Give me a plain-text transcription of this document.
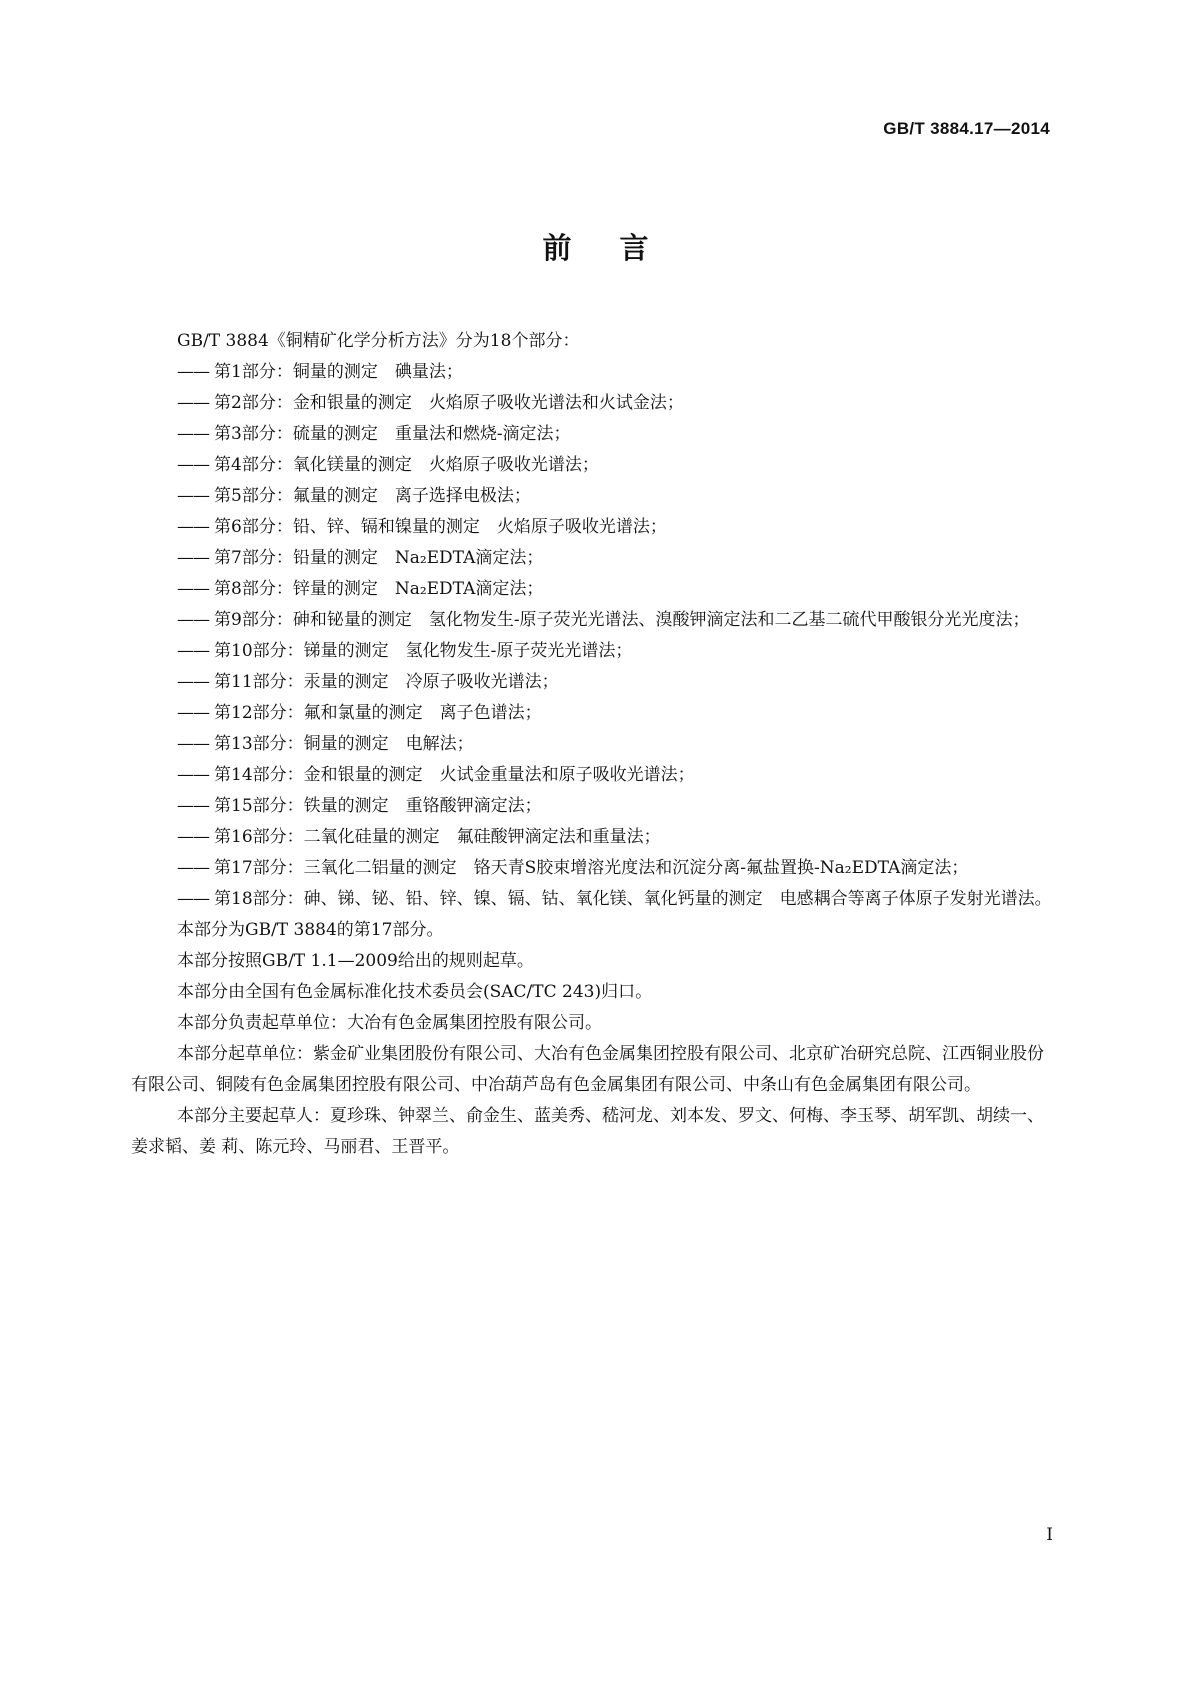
GB/T 3884.17—2014
前言

GB/T 3884《铜精矿化学分析方法》分为18个部分：

—— 第1部分：铜量的测定　碘量法；

—— 第2部分：金和银量的测定　火焰原子吸收光谱法和火试金法；

—— 第3部分：硫量的测定　重量法和燃烧-滴定法；

—— 第4部分：氧化镁量的测定　火焰原子吸收光谱法；

—— 第5部分：氟量的测定　离子选择电极法；

—— 第6部分：铅、锌、镉和镍量的测定　火焰原子吸收光谱法；

—— 第7部分：铅量的测定　Na₂EDTA滴定法；

—— 第8部分：锌量的测定　Na₂EDTA滴定法；

—— 第9部分：砷和铋量的测定　氢化物发生-原子荧光光谱法、溴酸钾滴定法和二乙基二硫代甲酸银分光光度法；

—— 第10部分：锑量的测定　氢化物发生-原子荧光光谱法；

—— 第11部分：汞量的测定　冷原子吸收光谱法；

—— 第12部分：氟和氯量的测定　离子色谱法；

—— 第13部分：铜量的测定　电解法；

—— 第14部分：金和银量的测定　火试金重量法和原子吸收光谱法；

—— 第15部分：铁量的测定　重铬酸钾滴定法；

—— 第16部分：二氧化硅量的测定　氟硅酸钾滴定法和重量法；

—— 第17部分：三氧化二铝量的测定　铬天青S胶束增溶光度法和沉淀分离-氟盐置换-Na₂EDTA滴定法；

—— 第18部分：砷、锑、铋、铅、锌、镍、镉、钴、氧化镁、氧化钙量的测定　电感耦合等离子体原子发射光谱法。

本部分为GB/T 3884的第17部分。

本部分按照GB/T 1.1—2009给出的规则起草。

本部分由全国有色金属标准化技术委员会(SAC/TC 243)归口。

本部分负责起草单位：大冶有色金属集团控股有限公司。

本部分起草单位：紫金矿业集团股份有限公司、大冶有色金属集团控股有限公司、北京矿冶研究总院、江西铜业股份有限公司、铜陵有色金属集团控股有限公司、中冶葫芦岛有色金属集团有限公司、中条山有色金属集团有限公司。

本部分主要起草人：夏珍珠、钟翠兰、俞金生、蓝美秀、嵇河龙、刘本发、罗文、何梅、李玉琴、胡军凯、胡续一、姜求韬、姜 莉、陈元玲、马丽君、王晋平。

I
